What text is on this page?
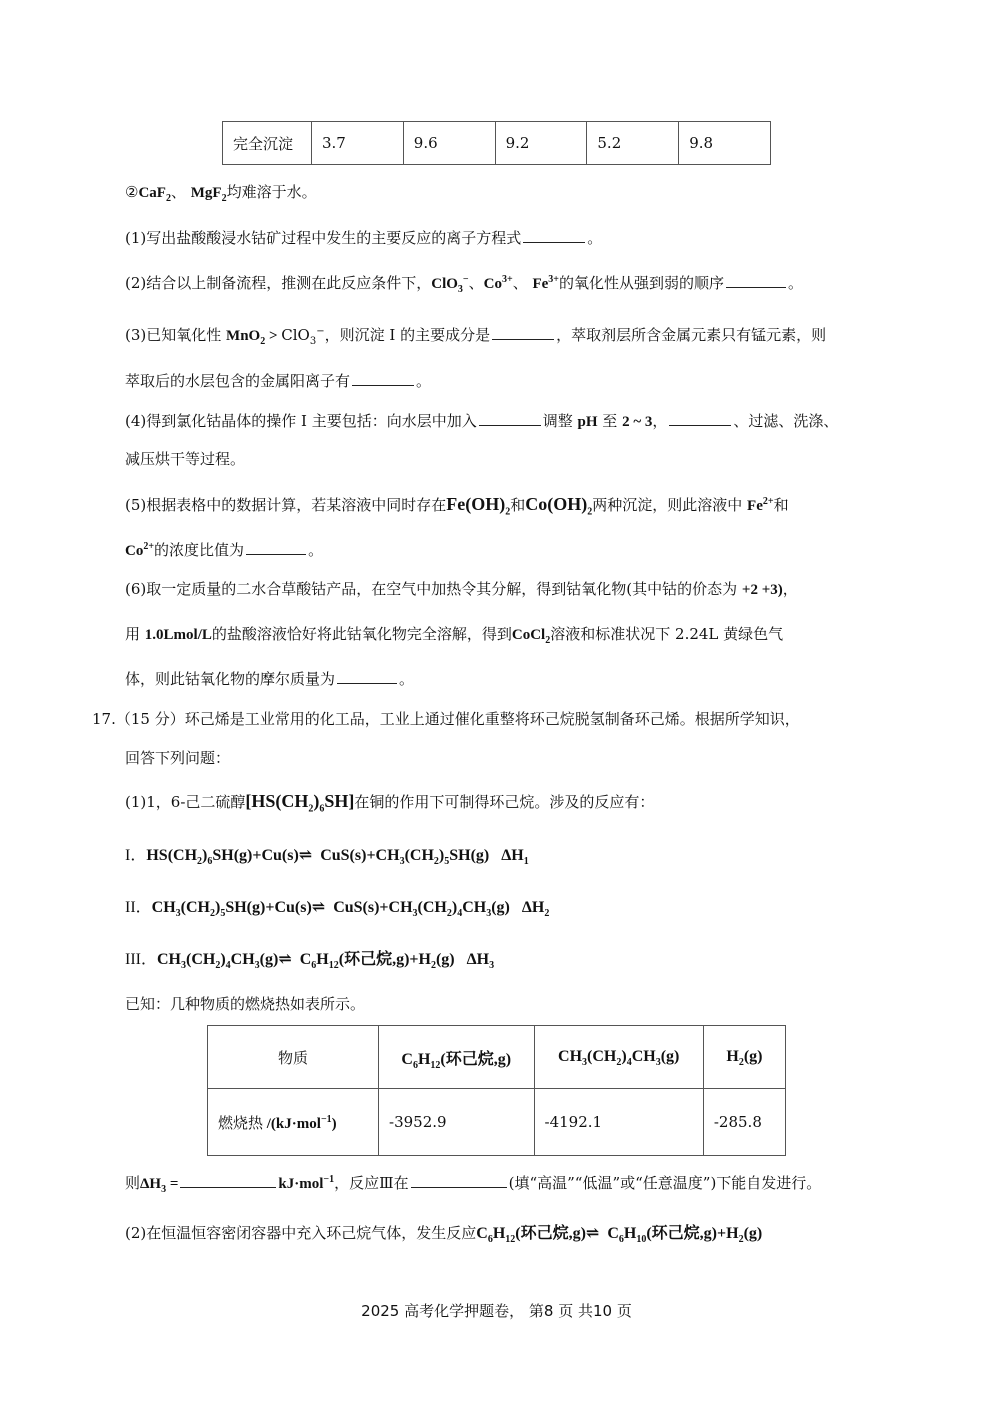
完全沉淀	3.7	9.6	9.2	5.2	9.8
②CaF$_2$、 MgF$_2$均难溶于水。
(1)写出盐酸酸浸水钴矿过程中发生的主要反应的离子方程式	。
(2)结合以上制备流程，推测在此反应条件下，ClO$_3$−、$Co^{3+}$、 $Fe^{3+}$的氧化性从强到弱的顺序	。
(3)已知氧化性 MnO$_2$ > ClO$_3$−，则沉淀 I 的主要成分是	，萃取剂层所含金属元素只有锰元素，则
萃取后的水层包含的金属阳离子有	。
(4)得到氯化钴晶体的操作 I 主要包括：向水层中加入	调整 pH 至 2 ~ 3，	、过滤、洗涤、
减压烘干等过程。
(5)根据表格中的数据计算，若某溶液中同时存在$Fe(OH)_2$和$Co(OH)_2$两种沉淀，则此溶液中 $Fe^{2+}$和
$Co^{2+}$的浓度比值为	。
(6)取一定质量的二水合草酸钴产品，在空气中加热令其分解，得到钴氧化物(其中钴的价态为 +2 +3)，
用 1.0Lmol/L的盐酸溶液恰好将此钴氧化物完全溶解，得到CoCl$_2$溶液和标准状况下 2.24L 黄绿色气
体，则此钴氧化物的摩尔质量为	。
17.（15 分）环己烯是工业常用的化工品，工业上通过催化重整将环己烷脱氢制备环己烯。根据所学知识，
回答下列问题：
(1)1，6-己二硫醇$[HS(CH_2)_6SH]$在铜的作用下可制得环己烷。涉及的反应有：
I．$HS(CH_2)_6SH(g)+Cu(s)\rightleftharpoons$  $CuS(s)+CH_3(CH_2)_5SH(g)$   $\Delta H_1$
II．$CH_3(CH_2)_5SH(g)+Cu(s)\rightleftharpoons$  $CuS(s)+CH_3(CH_2)_4CH_3(g)$   $\Delta H_2$
III．$CH_3(CH_2)_4CH_3(g)\rightleftharpoons$  $C_6H_{12}$(环己烷$,g)+H_2(g)$   $\Delta H_3$
已知：几种物质的燃烧热如表所示。
物质	$C_6H_{12}$(环己烷,g)	$CH_3(CH_2)_4CH_3(g)$	$H_2(g)$
燃烧热 /(kJ·mol$^{-1}$)	-3952.9	-4192.1	-285.8
则$\Delta H_3$ =	kJ·mol$^{-1}$，反应Ⅲ在	(填“高温”“低温”或“任意温度”)下能自发进行。
(2)在恒温恒容密闭容器中充入环己烷气体，发生反应$C_6H_{12}$(环己烷,g)⇌  $C_6H_{10}$(环己烷$,g)+H_2(g)$
2025 高考化学押题卷， 第8 页 共10 页
